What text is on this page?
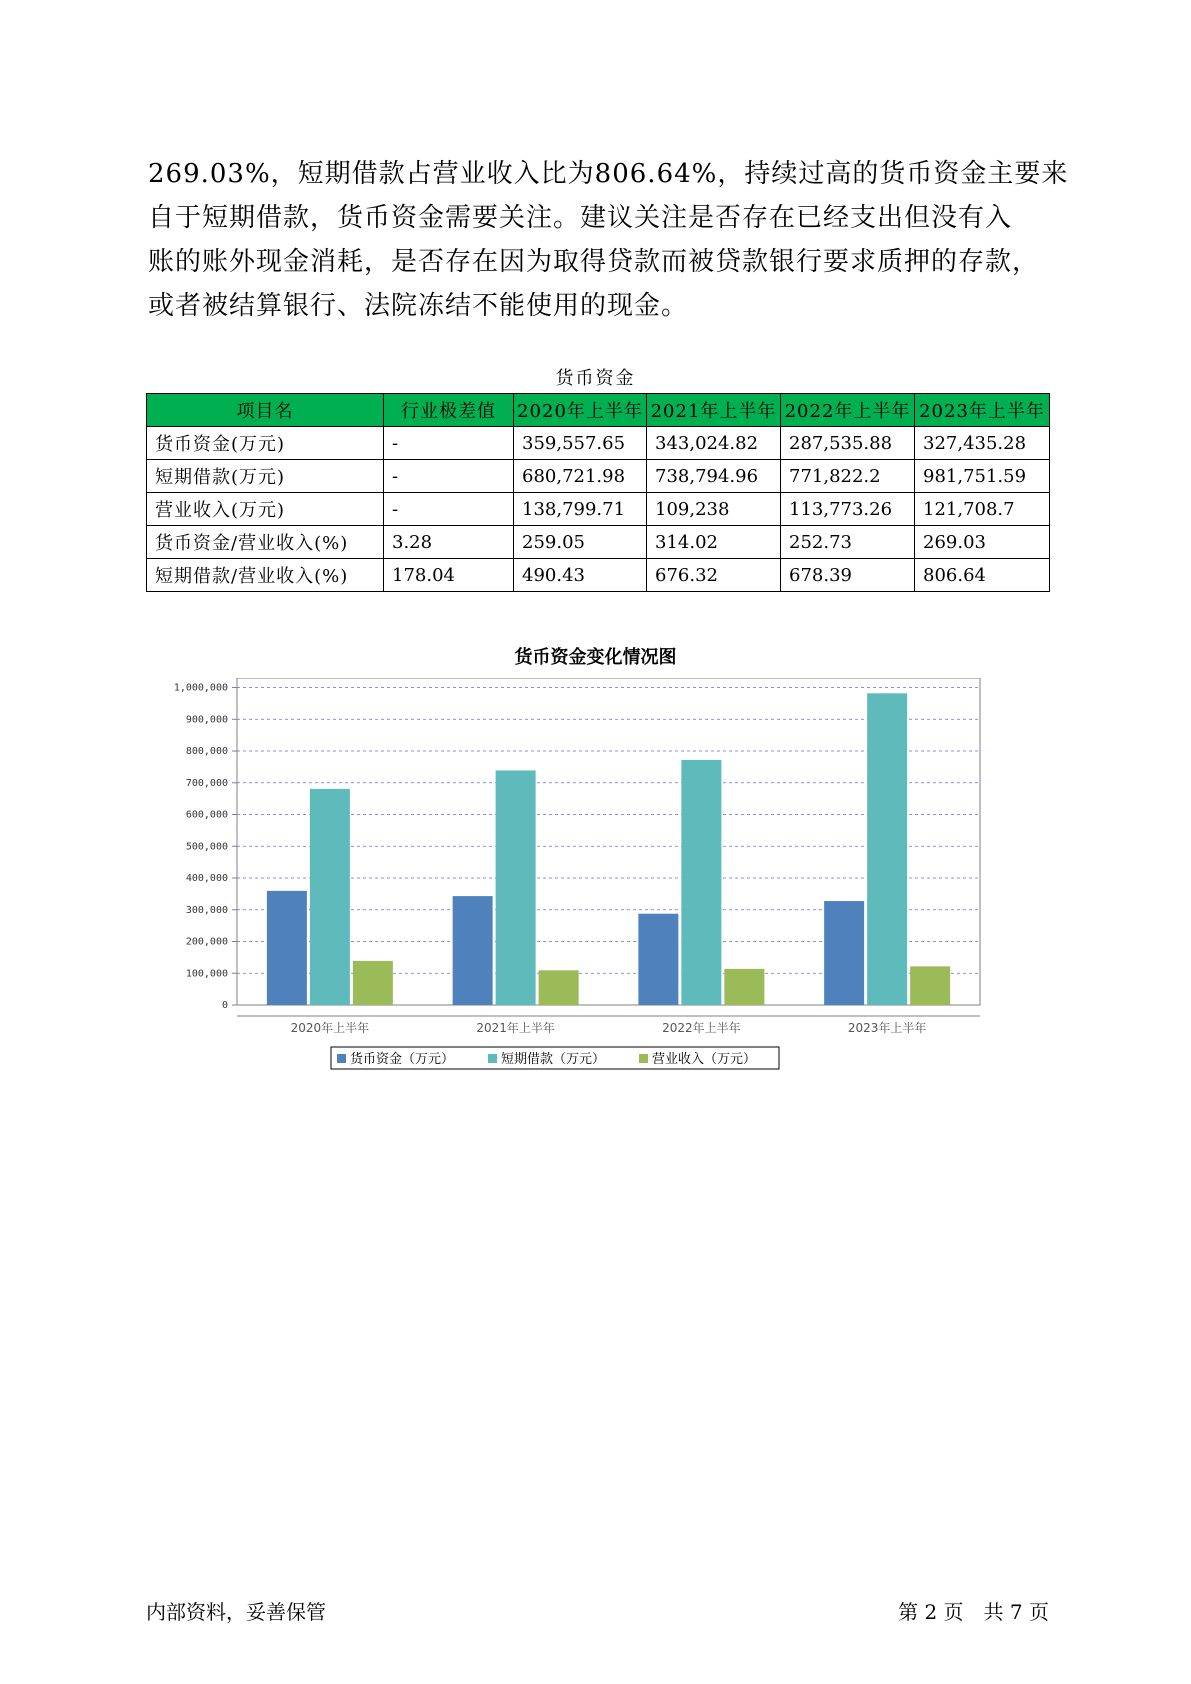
269.03%，短期借款占营业收入比为806.64%，持续过高的货币资金主要来
自于短期借款，货币资金需要关注。建议关注是否存在已经支出但没有入
账的账外现金消耗，是否存在因为取得贷款而被贷款银行要求质押的存款，
或者被结算银行、法院冻结不能使用的现金。

货币资金
项目名	行业极差值	2020年上半年	2021年上半年	2022年上半年	2023年上半年
货币资金(万元)	-	359,557.65	343,024.82	287,535.88	327,435.28
短期借款(万元)	-	680,721.98	738,794.96	771,822.2	981,751.59
营业收入(万元)	-	138,799.71	109,238	113,773.26	121,708.7
货币资金/营业收入(%)	3.28	259.05	314.02	252.73	269.03
短期借款/营业收入(%)	178.04	490.43	676.32	678.39	806.64
货币资金变化情况图
0
100,000
200,000
300,000
400,000
500,000
600,000
700,000
800,000
900,000
1,000,000
2020年上半年	2021年上半年	2022年上半年	2023年上半年
货币资金（万元）	短期借款（万元）	营业收入（万元）
内部资料，妥善保管	第 2 页　共 7 页
